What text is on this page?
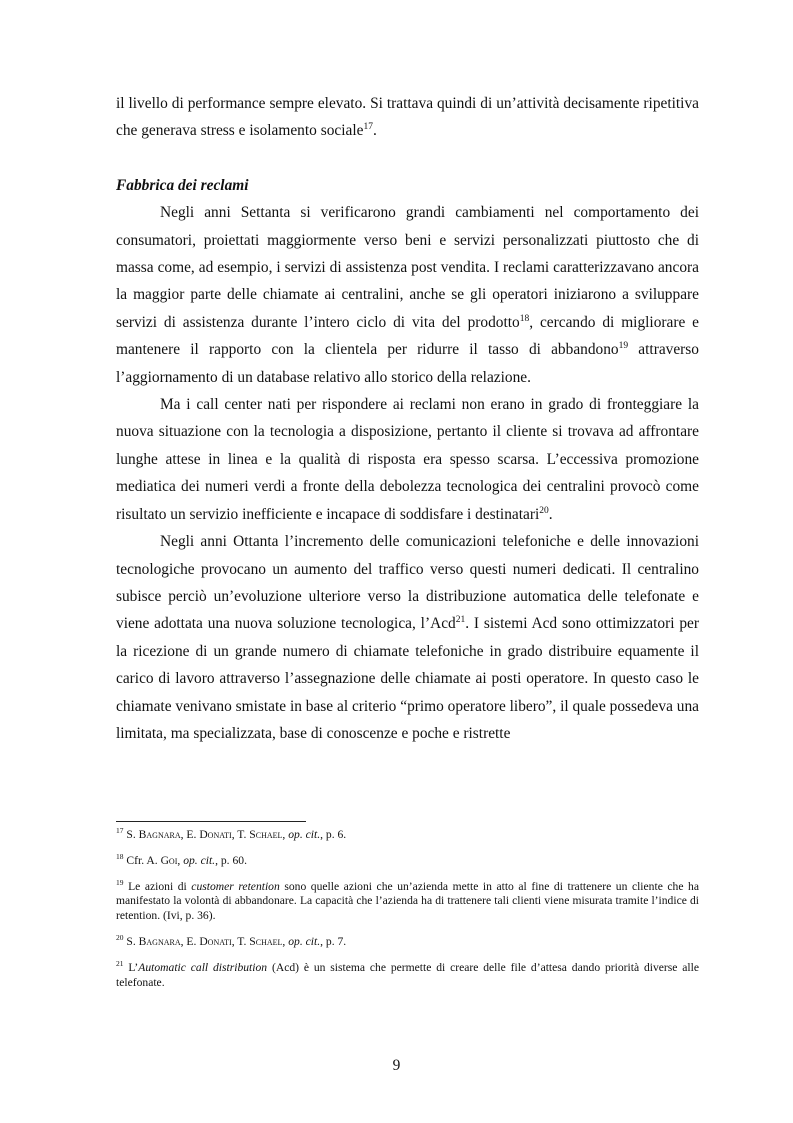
il livello di performance sempre elevato. Si trattava quindi di un’attività decisamente ripetitiva che generava stress e isolamento sociale$^{17}$.

Fabbrica dei reclami

Negli anni Settanta si verificarono grandi cambiamenti nel comportamento dei consumatori, proiettati maggiormente verso beni e servizi personalizzati piuttosto che di massa come, ad esempio, i servizi di assistenza post vendita. I reclami caratterizzavano ancora la maggior parte delle chiamate ai centralini, anche se gli operatori iniziarono a sviluppare servizi di assistenza durante l’intero ciclo di vita del prodotto$^{18}$, cercando di migliorare e mantenere il rapporto con la clientela per ridurre il tasso di abbandono$^{19}$ attraverso l’aggiornamento di un database relativo allo storico della relazione.

Ma i call center nati per rispondere ai reclami non erano in grado di fronteggiare la nuova situazione con la tecnologia a disposizione, pertanto il cliente si trovava ad affrontare lunghe attese in linea e la qualità di risposta era spesso scarsa. L’eccessiva promozione mediatica dei numeri verdi a fronte della debolezza tecnologica dei centralini provocò come risultato un servizio inefficiente e incapace di soddisfare i destinatari$^{20}$.

Negli anni Ottanta l’incremento delle comunicazioni telefoniche e delle innovazioni tecnologiche provocano un aumento del traffico verso questi numeri dedicati. Il centralino subisce perciò un’evoluzione ulteriore verso la distribuzione automatica delle telefonate e viene adottata una nuova soluzione tecnologica, l’Acd$^{21}$. I sistemi Acd sono ottimizzatori per la ricezione di un grande numero di chiamate telefoniche in grado distribuire equamente il carico di lavoro attraverso l’assegnazione delle chiamate ai posti operatore. In questo caso le chiamate venivano smistate in base al criterio “primo operatore libero”, il quale possedeva una limitata, ma specializzata, base di conoscenze e poche e ristrette

$^{17}$ S. Bagnara, E. Donati, T. Schael, op. cit., p. 6.

$^{18}$ Cfr. A. Goi, op. cit., p. 60.

$^{19}$ Le azioni di customer retention sono quelle azioni che un’azienda mette in atto al fine di trattenere un cliente che ha manifestato la volontà di abbandonare. La capacità che l’azienda ha di trattenere tali clienti viene misurata tramite l’indice di retention. (Ivi, p. 36).

$^{20}$ S. Bagnara, E. Donati, T. Schael, op. cit., p. 7.

$^{21}$ L’Automatic call distribution (Acd) è un sistema che permette di creare delle file d’attesa dando priorità diverse alle telefonate.

9
